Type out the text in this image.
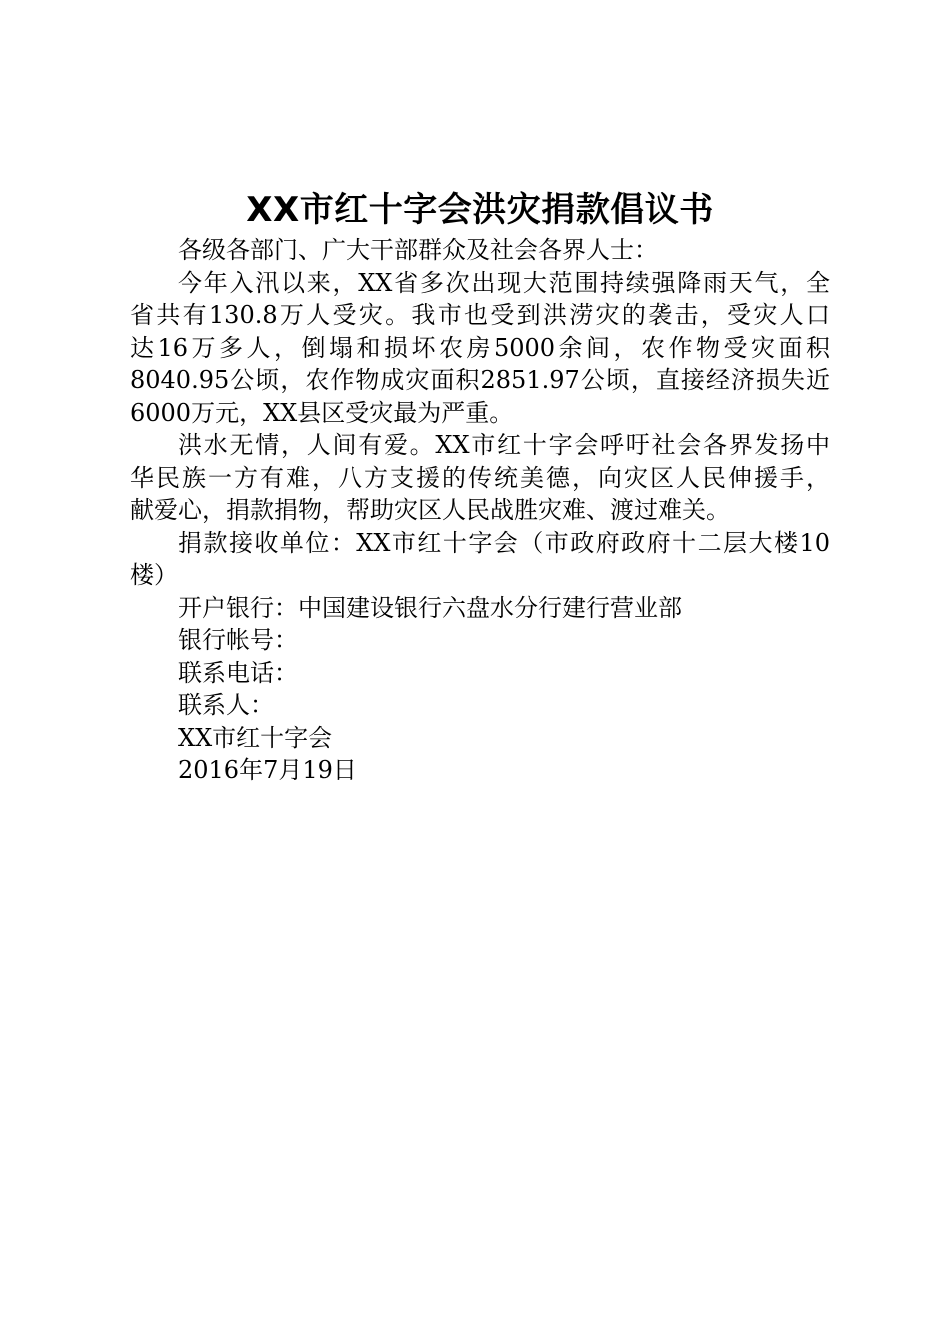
XX市红十字会洪灾捐款倡议书

各级各部门、广大干部群众及社会各界人士：

今年入汛以来，XX省多次出现大范围持续强降雨天气，全

省共有130.8万人受灾。我市也受到洪涝灾的袭击，受灾人口

达16万多人，倒塌和损坏农房5000余间，农作物受灾面积

8040.95公顷，农作物成灾面积2851.97公顷，直接经济损失近

6000万元，XX县区受灾最为严重。

洪水无情，人间有爱。XX市红十字会呼吁社会各界发扬中

华民族一方有难，八方支援的传统美德，向灾区人民伸援手，

献爱心，捐款捐物，帮助灾区人民战胜灾难、渡过难关。

捐款接收单位：XX市红十字会（市政府政府十二层大楼10

楼）

开户银行：中国建设银行六盘水分行建行营业部

银行帐号：

联系电话：

联系人：

XX市红十字会

2016年7月19日
